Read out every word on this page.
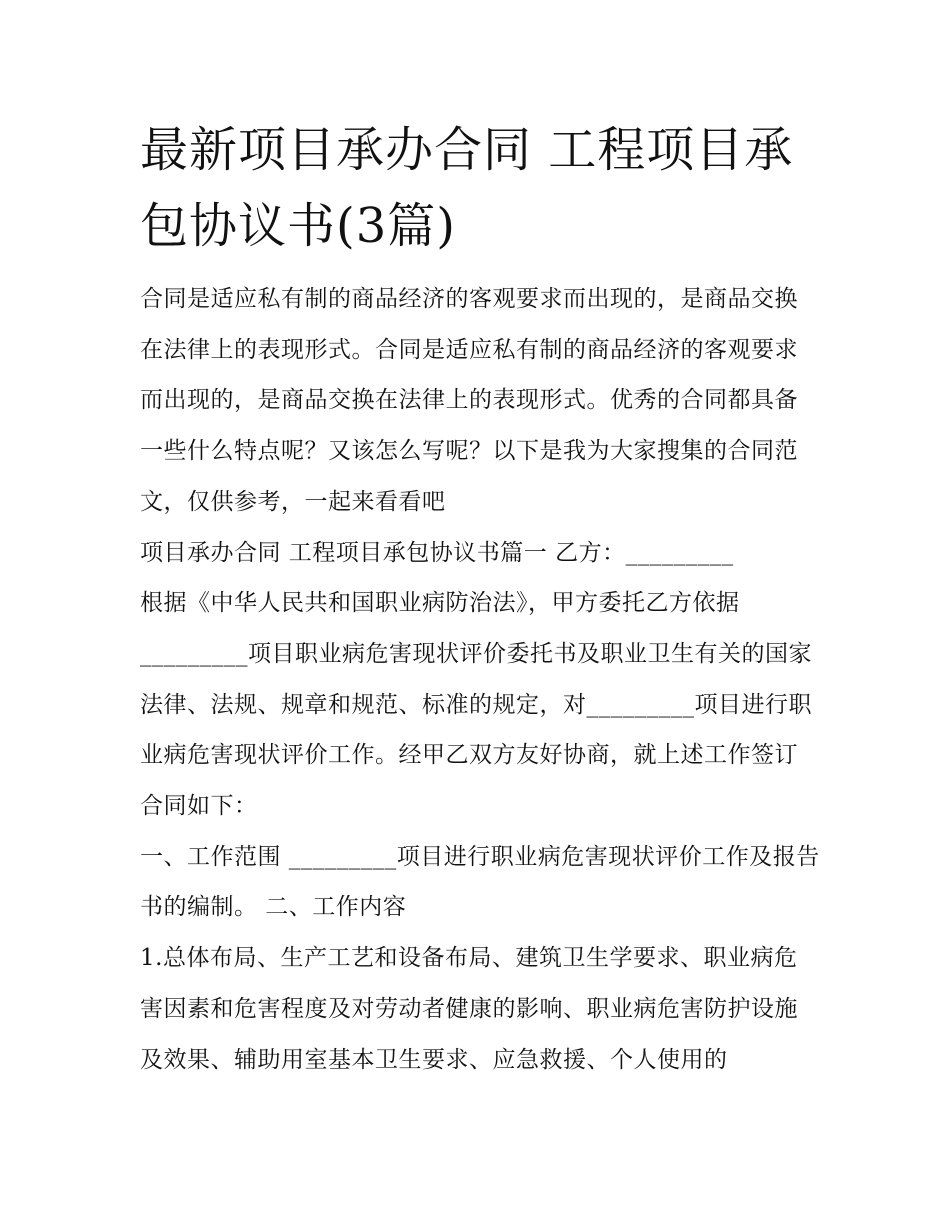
最新项目承办合同 工程项目承包协议书(3篇)

合同是适应私有制的商品经济的客观要求而出现的，是商品交换在法律上的表现形式。合同是适应私有制的商品经济的客观要求而出现的，是商品交换在法律上的表现形式。优秀的合同都具备一些什么特点呢？又该怎么写呢？以下是我为大家搜集的合同范文，仅供参考，一起来看看吧

项目承办合同 工程项目承包协议书篇一 乙方：_________

根据《中华人民共和国职业病防治法》，甲方委托乙方依据_________项目职业病危害现状评价委托书及职业卫生有关的国家法律、法规、规章和规范、标准的规定，对_________项目进行职业病危害现状评价工作。经甲乙双方友好协商，就上述工作签订合同如下：

一、工作范围 _________项目进行职业病危害现状评价工作及报告书的编制。 二、工作内容

1.总体布局、生产工艺和设备布局、建筑卫生学要求、职业病危害因素和危害程度及对劳动者健康的影响、职业病危害防护设施及效果、辅助用室基本卫生要求、应急救援、个人使用的
